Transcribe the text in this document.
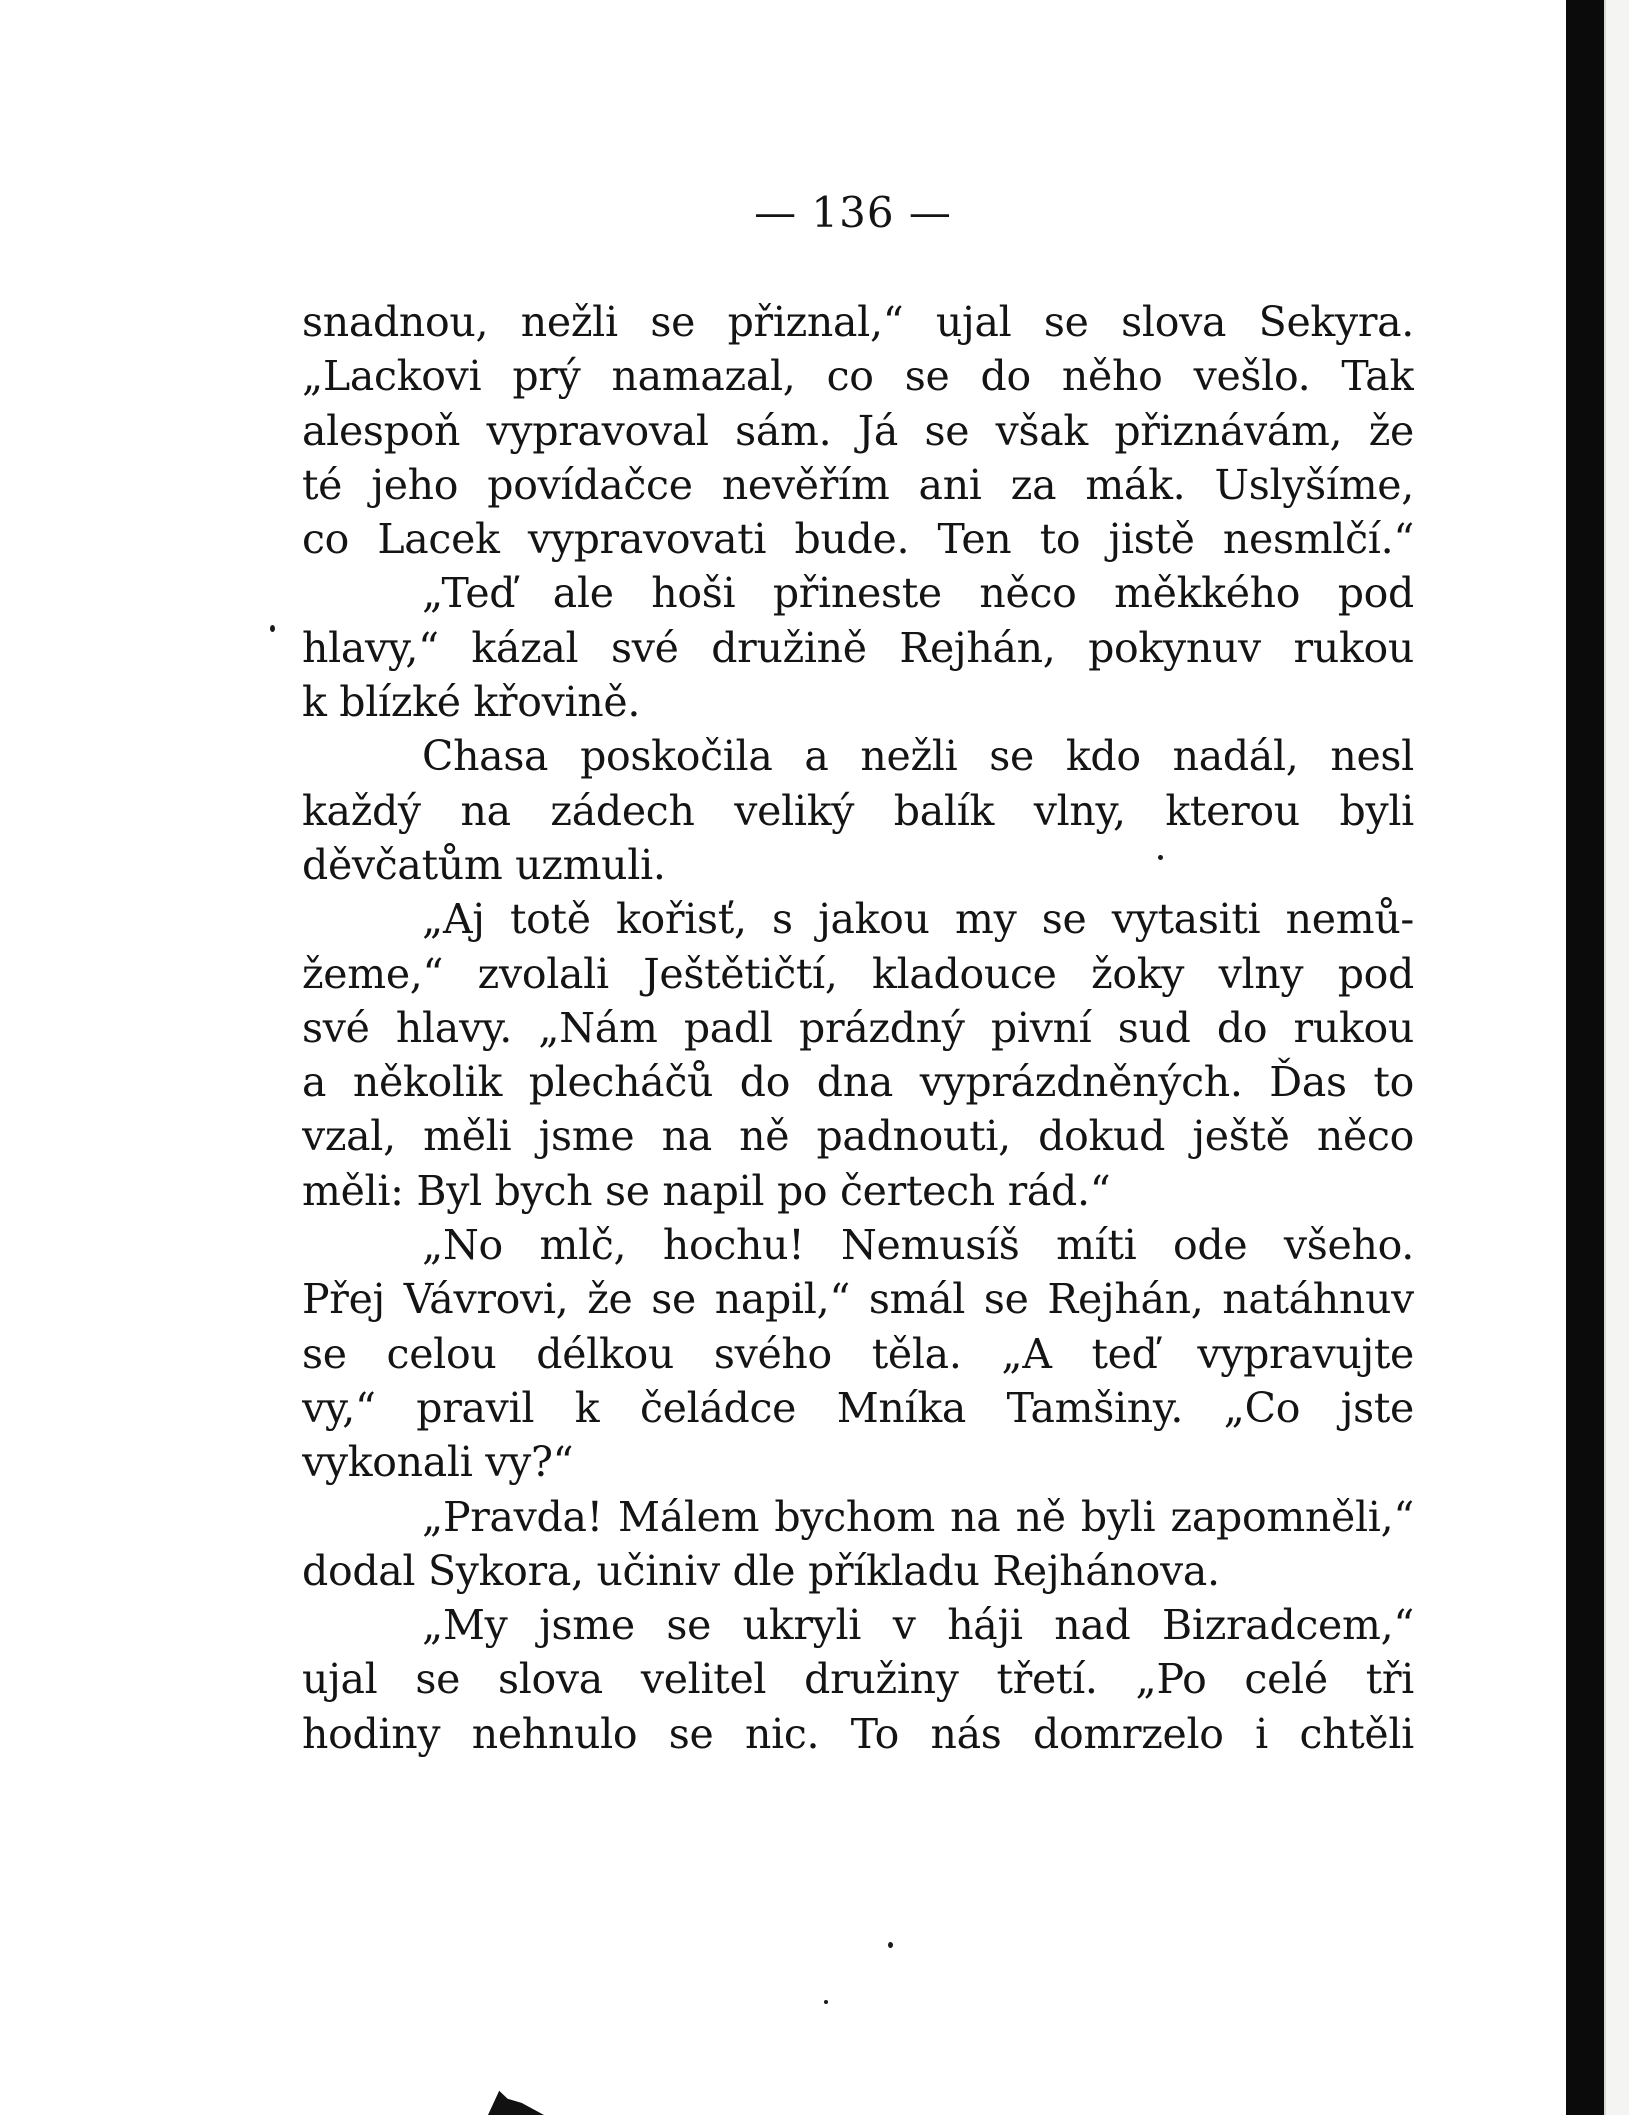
— 136 —
snadnou, nežli se přiznal,“ ujal se slova Sekyra.
„Lackovi prý namazal, co se do něho vešlo. Tak
alespoň vypravoval sám. Já se však přiznávám, že
té jeho povídačce nevěřím ani za mák. Uslyšíme,
co Lacek vypravovati bude. Ten to jistě nesmlčí.“
„Teď ale hoši přineste něco měkkého pod
hlavy,“ kázal své družině Rejhán, pokynuv rukou
k blízké křovině.
Chasa poskočila a nežli se kdo nadál, nesl
každý na zádech veliký balík vlny, kterou byli
děvčatům uzmuli.
„Aj totě kořisť, s jakou my se vytasiti nemů-
žeme,“ zvolali Ještětičtí, kladouce žoky vlny pod
své hlavy. „Nám padl prázdný pivní sud do rukou
a několik plecháčů do dna vyprázdněných. Ďas to
vzal, měli jsme na ně padnouti, dokud ještě něco
měli: Byl bych se napil po čertech rád.“
„No mlč, hochu! Nemusíš míti ode všeho.
Přej Vávrovi, že se napil,“ smál se Rejhán, natáhnuv
se celou délkou svého těla. „A teď vypravujte
vy,“ pravil k čeládce Mníka Tamšiny. „Co jste
vykonali vy?“
„Pravda! Málem bychom na ně byli zapomněli,“
dodal Sykora, učiniv dle příkladu Rejhánova.
„My jsme se ukryli v háji nad Bizradcem,“
ujal se slova velitel družiny třetí. „Po celé tři
hodiny nehnulo se nic. To nás domrzelo i chtěli
